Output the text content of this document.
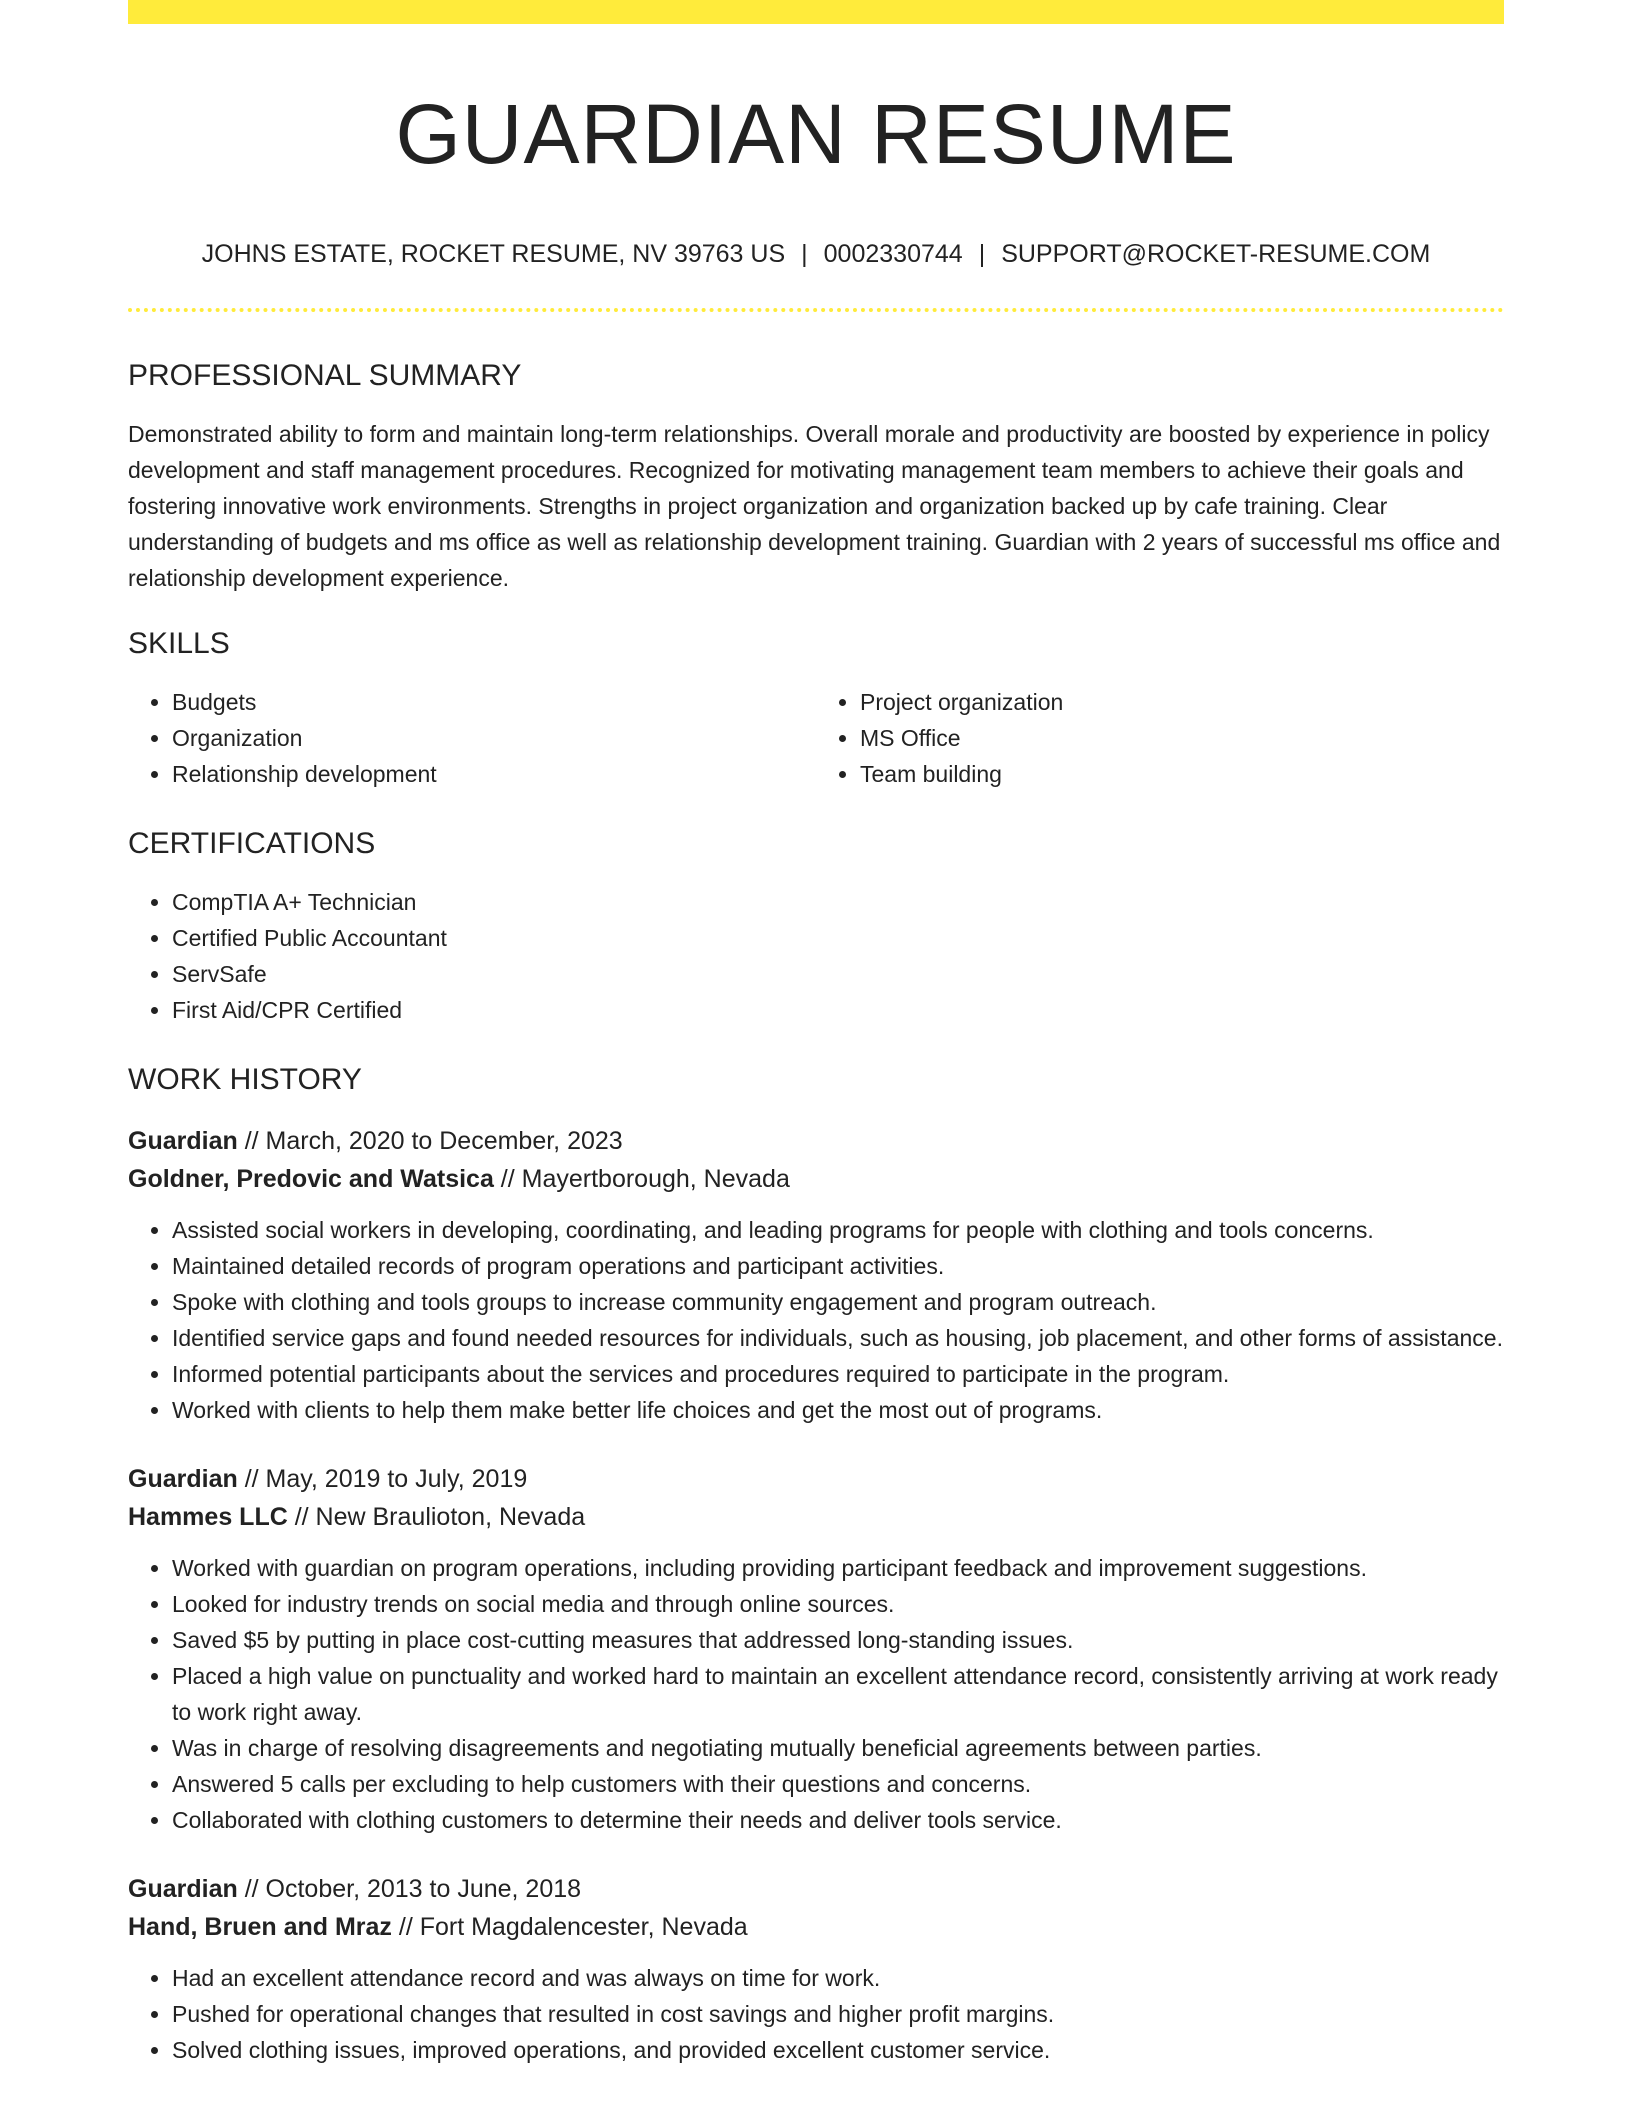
GUARDIAN RESUME
JOHNS ESTATE, ROCKET RESUME, NV 39763 US | 0002330744 | SUPPORT@ROCKET-RESUME.COM
PROFESSIONAL SUMMARY
Demonstrated ability to form and maintain long-term relationships. Overall morale and productivity are boosted by experience in policy development and staff management procedures. Recognized for motivating management team members to achieve their goals and fostering innovative work environments. Strengths in project organization and organization backed up by cafe training. Clear understanding of budgets and ms office as well as relationship development training. Guardian with 2 years of successful ms office and relationship development experience.
SKILLS
• Budgets
• Organization
• Relationship development
• Project organization
• MS Office
• Team building
CERTIFICATIONS
• CompTIA A+ Technician
• Certified Public Accountant
• ServSafe
• First Aid/CPR Certified
WORK HISTORY
Guardian // March, 2020 to December, 2023
Goldner, Predovic and Watsica // Mayertborough, Nevada
• Assisted social workers in developing, coordinating, and leading programs for people with clothing and tools concerns.
• Maintained detailed records of program operations and participant activities.
• Spoke with clothing and tools groups to increase community engagement and program outreach.
• Identified service gaps and found needed resources for individuals, such as housing, job placement, and other forms of assistance.
• Informed potential participants about the services and procedures required to participate in the program.
• Worked with clients to help them make better life choices and get the most out of programs.
Guardian // May, 2019 to July, 2019
Hammes LLC // New Braulioton, Nevada
• Worked with guardian on program operations, including providing participant feedback and improvement suggestions.
• Looked for industry trends on social media and through online sources.
• Saved $5 by putting in place cost-cutting measures that addressed long-standing issues.
• Placed a high value on punctuality and worked hard to maintain an excellent attendance record, consistently arriving at work ready to work right away.
• Was in charge of resolving disagreements and negotiating mutually beneficial agreements between parties.
• Answered 5 calls per excluding to help customers with their questions and concerns.
• Collaborated with clothing customers to determine their needs and deliver tools service.
Guardian // October, 2013 to June, 2018
Hand, Bruen and Mraz // Fort Magdalencester, Nevada
• Had an excellent attendance record and was always on time for work.
• Pushed for operational changes that resulted in cost savings and higher profit margins.
• Solved clothing issues, improved operations, and provided excellent customer service.
